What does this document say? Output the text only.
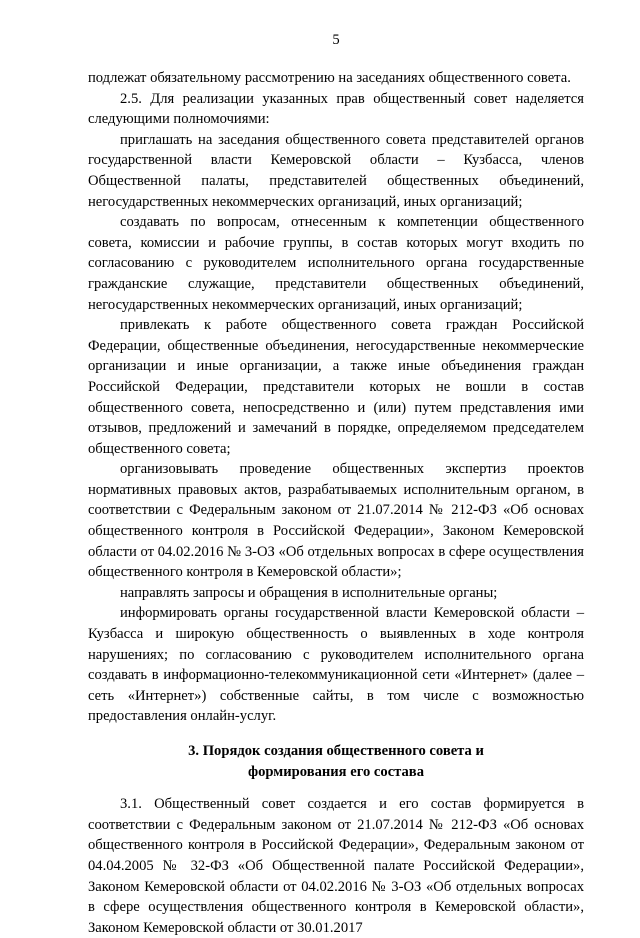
5

подлежат обязательному рассмотрению на заседаниях общественного совета.

2.5. Для реализации указанных прав общественный совет наделяется следующими полномочиями:

приглашать на заседания общественного совета представителей органов государственной власти Кемеровской области – Кузбасса, членов Общественной палаты, представителей общественных объединений, негосударственных некоммерческих организаций, иных организаций;

создавать по вопросам, отнесенным к компетенции общественного совета, комиссии и рабочие группы, в состав которых могут входить по согласованию с руководителем исполнительного органа государственные гражданские служащие, представители общественных объединений, негосударственных некоммерческих организаций, иных организаций;

привлекать к работе общественного совета граждан Российской Федерации, общественные объединения, негосударственные некоммерческие организации и иные организации, а также иные объединения граждан Российской Федерации, представители которых не вошли в состав общественного совета, непосредственно и (или) путем представления ими отзывов, предложений и замечаний в порядке, определяемом председателем общественного совета;

организовывать проведение общественных экспертиз проектов нормативных правовых актов, разрабатываемых исполнительным органом, в соответствии с Федеральным законом от 21.07.2014 № 212-ФЗ «Об основах общественного контроля в Российской Федерации», Законом Кемеровской области от 04.02.2016 № 3-ОЗ «Об отдельных вопросах в сфере осуществления общественного контроля в Кемеровской области»;

направлять запросы и обращения в исполнительные органы;

информировать органы государственной власти Кемеровской области – Кузбасса и широкую общественность о выявленных в ходе контроля нарушениях; по согласованию с руководителем исполнительного органа создавать в информационно-телекоммуникационной сети «Интернет» (далее – сеть «Интернет») собственные сайты, в том числе с возможностью предоставления онлайн-услуг.

3. Порядок создания общественного совета и
формирования его состава

3.1. Общественный совет создается и его состав формируется в соответствии с Федеральным законом от 21.07.2014 № 212-ФЗ «Об основах общественного контроля в Российской Федерации», Федеральным законом от 04.04.2005 № 32-ФЗ «Об Общественной палате Российской Федерации», Законом Кемеровской области от 04.02.2016 № 3-ОЗ «Об отдельных вопросах в сфере осуществления общественного контроля в Кемеровской области», Законом Кемеровской области от 30.01.2017
